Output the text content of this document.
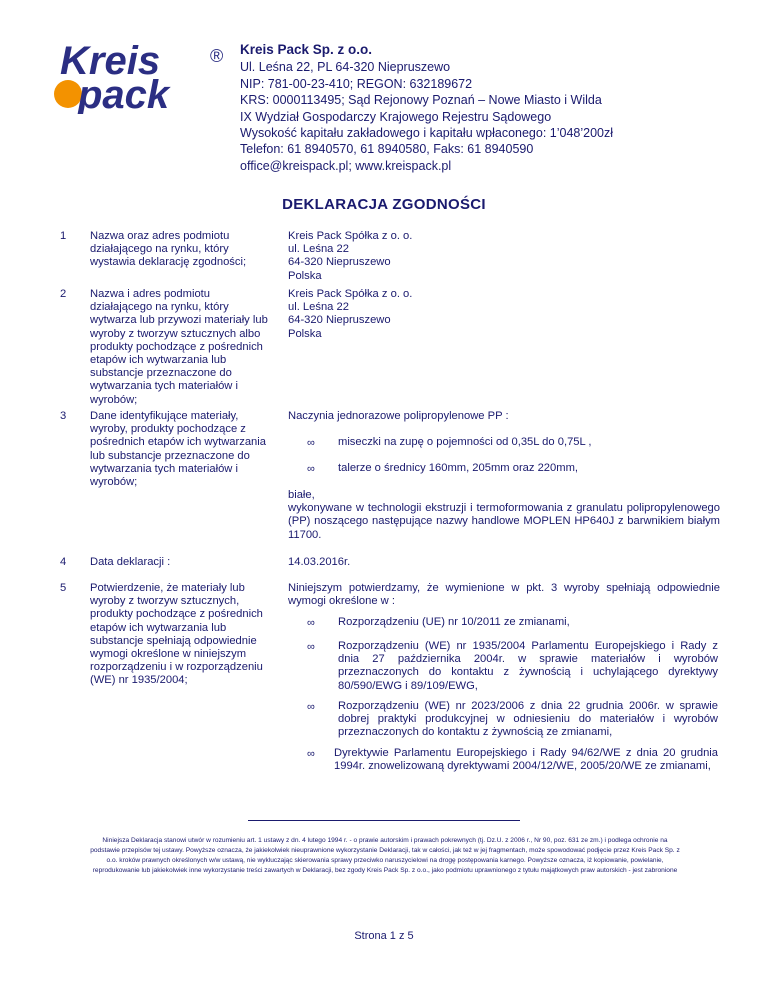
Kreis
pack
® Kreis Pack Sp. z o.o.
Ul. Leśna 22, PL 64-320 Niepruszewo
NIP: 781-00-23-410; REGON: 632189672
KRS: 0000113495; Sąd Rejonowy Poznań – Nowe Miasto i Wilda
IX Wydział Gospodarczy Krajowego Rejestru Sądowego
Wysokość kapitału zakładowego i kapitału wpłaconego: 1’048’200zł
Telefon: 61 8940570, 61 8940580, Faks: 61 8940590
office@kreispack.pl; www.kreispack.pl
DEKLARACJA ZGODNOŚCI
1 Nazwa oraz adres podmiotu
działającego na rynku, który
wystawia deklarację zgodności;
Kreis Pack Spółka z o. o.
ul. Leśna 22
64-320 Niepruszewo
Polska
2 Nazwa i adres podmiotu
działającego na rynku, który
wytwarza lub przywozi materiały lub
wyroby z tworzyw sztucznych albo
produkty pochodzące z pośrednich
etapów ich wytwarzania lub
substancje przeznaczone do
wytwarzania tych materiałów i
wyrobów;
Kreis Pack Spółka z o. o.
ul. Leśna 22
64-320 Niepruszewo
Polska
3 Dane identyfikujące materiały,
wyroby, produkty pochodzące z
pośrednich etapów ich wytwarzania
lub substancje przeznaczone do
wytwarzania tych materiałów i
wyrobów;
Naczynia jednorazowe polipropylenowe PP :
∞ miseczki na zupę o pojemności od 0,35L do 0,75L ,
∞ talerze o średnicy 160mm, 205mm oraz 220mm,
białe,
wykonywane w technologii ekstruzji i termoformowania z granulatu polipropylenowego (PP) noszącego następujące nazwy handlowe MOPLEN HP640J z barwnikiem białym 11700.
4 Data deklaracji :	14.03.2016r.
5 Potwierdzenie, że materiały lub
wyroby z tworzyw sztucznych,
produkty pochodzące z pośrednich
etapów ich wytwarzania lub
substancje spełniają odpowiednie
wymogi określone w niniejszym
rozporządzeniu i w rozporządzeniu
(WE) nr 1935/2004;
Niniejszym potwierdzamy, że wymienione w pkt. 3 wyroby spełniają odpowiednie wymogi określone w :
∞ Rozporządzeniu (UE) nr 10/2011 ze zmianami,
∞ Rozporządzeniu (WE) nr 1935/2004 Parlamentu Europejskiego i Rady z dnia 27 października 2004r. w sprawie materiałów i wyrobów przeznaczonych do kontaktu z żywnością i uchylającego dyrektywy 80/590/EWG i 89/109/EWG,
∞ Rozporządzeniu (WE) nr 2023/2006 z dnia 22 grudnia 2006r. w sprawie dobrej praktyki produkcyjnej w odniesieniu do materiałów i wyrobów przeznaczonych do kontaktu z żywnością ze zmianami,
∞ Dyrektywie Parlamentu Europejskiego i Rady 94/62/WE z dnia 20 grudnia 1994r. znowelizowaną dyrektywami 2004/12/WE, 2005/20/WE ze zmianami,
Niniejsza Deklaracja stanowi utwór w rozumieniu art. 1 ustawy z dn. 4 lutego 1994 r. - o prawie autorskim i prawach pokrewnych (tj. Dz.U. z 2006 r., Nr 90, poz. 631 ze zm.) i podlega ochronie na podstawie przepisów tej ustawy. Powyższe oznacza, że jakiekolwiek nieuprawnione wykorzystanie Deklaracji, tak w całości, jak też w jej fragmentach, może spowodować podjęcie przez Kreis Pack Sp. z o.o. kroków prawnych określonych w/w ustawą, nie wykluczając skierowania sprawy przeciwko naruszycielowi na drogę postępowania karnego. Powyższe oznacza, iż kopiowanie, powielanie, reprodukowanie lub jakiekolwiek inne wykorzystanie treści zawartych w Deklaracji, bez zgody Kreis Pack Sp. z o.o., jako podmiotu uprawnionego z tytułu majątkowych praw autorskich - jest zabronione
Strona 1 z 5
